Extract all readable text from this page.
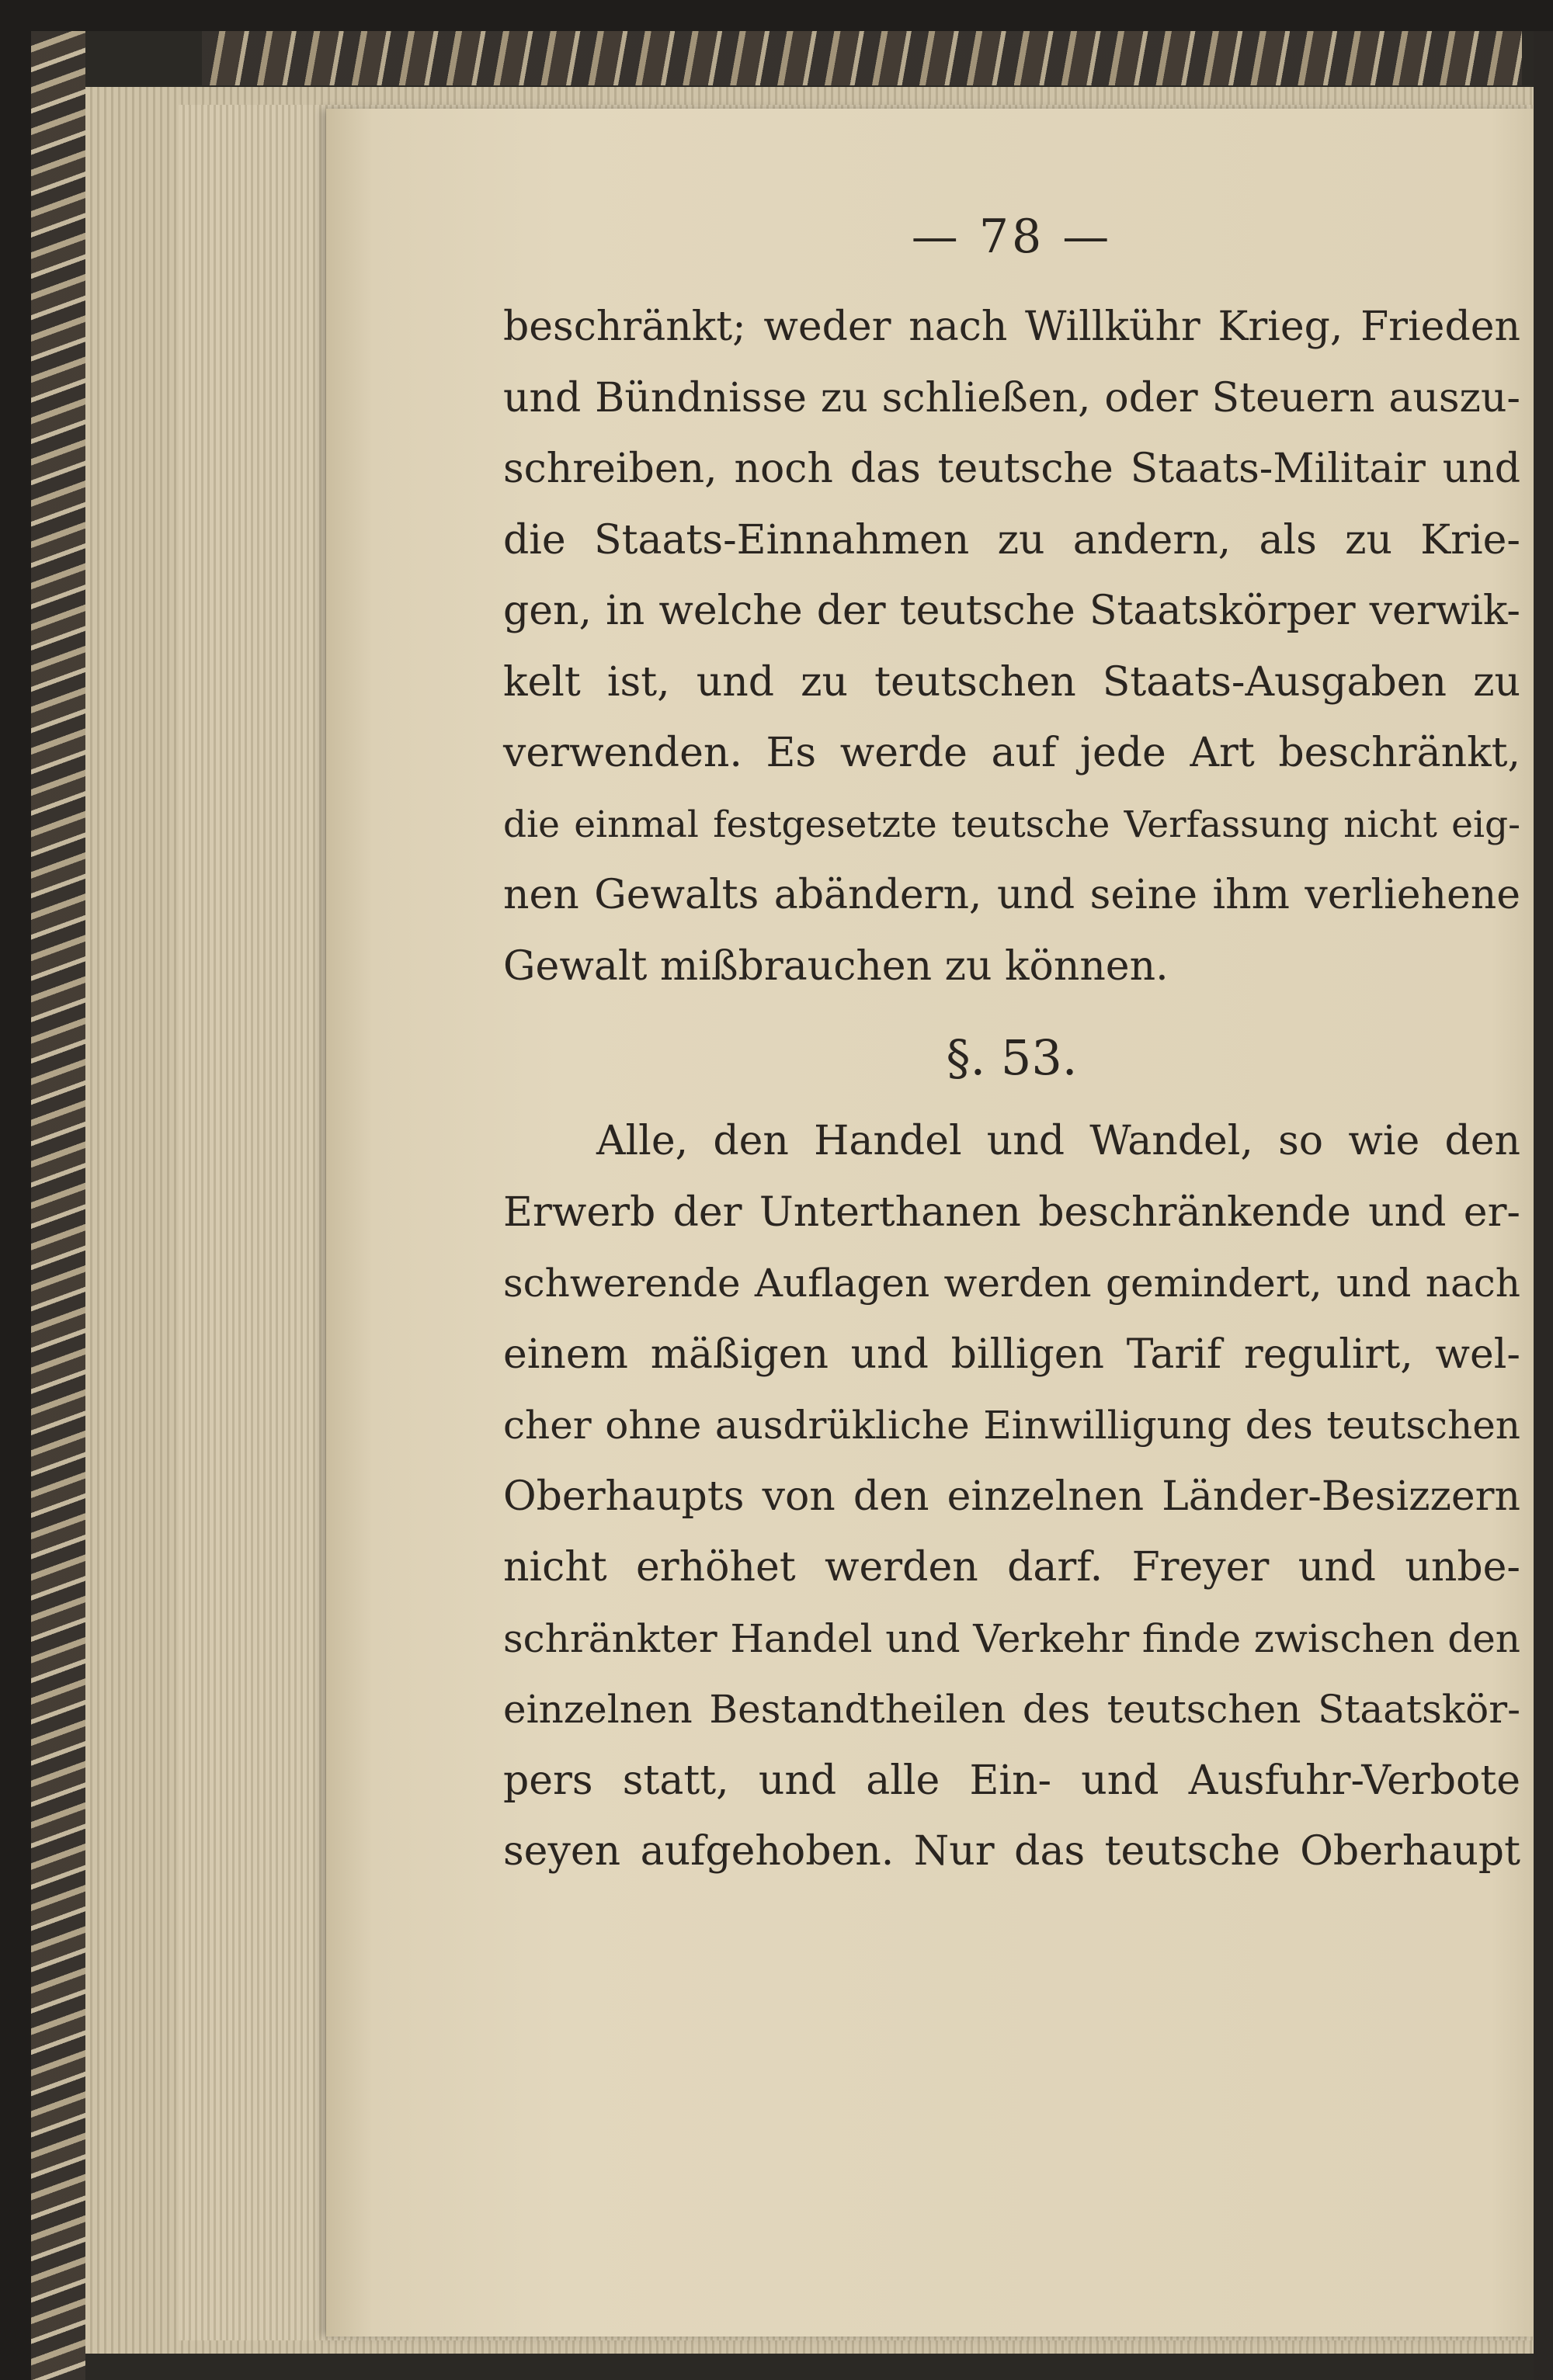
— 78 —
beschränkt; weder nach Willkühr Krieg, Frieden
und Bündnisse zu schließen, oder Steuern auszu-
schreiben, noch das teutsche Staats-Militair und
die Staats-Einnahmen zu andern, als zu Krie-
gen, in welche der teutsche Staatskörper verwik-
kelt ist, und zu teutschen Staats-Ausgaben zu
verwenden. Es werde auf jede Art beschränkt,
die einmal festgesetzte teutsche Verfassung nicht eig-
nen Gewalts abändern, und seine ihm verliehene
Gewalt mißbrauchen zu können.
§. 53.
Alle, den Handel und Wandel, so wie den
Erwerb der Unterthanen beschränkende und er-
schwerende Auflagen werden gemindert, und nach
einem mäßigen und billigen Tarif regulirt, wel-
cher ohne ausdrükliche Einwilligung des teutschen
Oberhaupts von den einzelnen Länder-Besizzern
nicht erhöhet werden darf. Freyer und unbe-
schränkter Handel und Verkehr finde zwischen den
einzelnen Bestandtheilen des teutschen Staatskör-
pers statt, und alle Ein- und Ausfuhr-Verbote
seyen aufgehoben. Nur das teutsche Oberhaupt
